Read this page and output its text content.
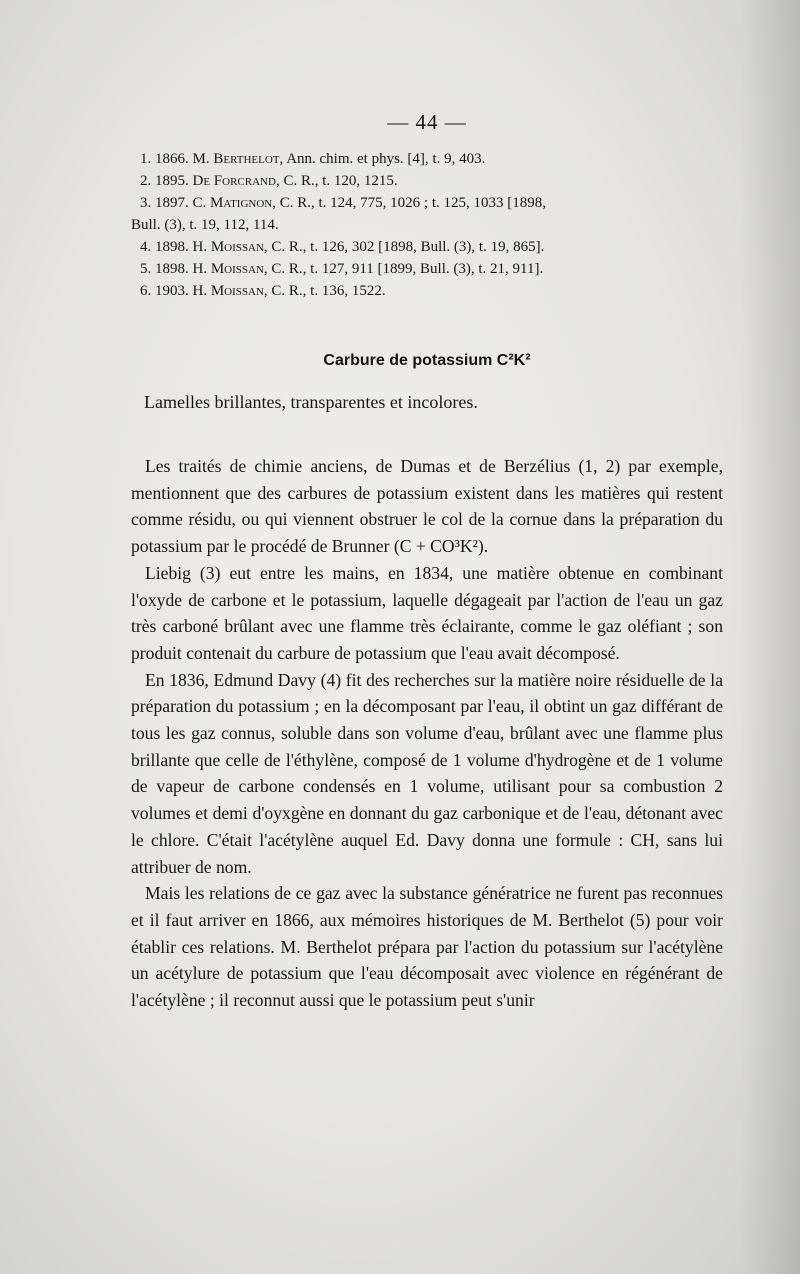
— 44 —
1. 1866. M. Berthelot, Ann. chim. et phys. [4], t. 9, 403.
2. 1895. De Forcrand, C. R., t. 120, 1215.
3. 1897. C. Matignon, C. R., t. 124, 775, 1026 ; t. 125, 1033 [1898,
Bull. (3), t. 19, 112, 114.
4. 1898. H. Moissan, C. R., t. 126, 302 [1898, Bull. (3), t. 19, 865].
5. 1898. H. Moissan, C. R., t. 127, 911 [1899, Bull. (3), t. 21, 911].
6. 1903. H. Moissan, C. R., t. 136, 1522.
Carbure de potassium C²K²
Lamelles brillantes, transparentes et incolores.

Les traités de chimie anciens, de Dumas et de Berzélius (1, 2) par exemple, mentionnent que des carbures de potassium existent dans les matières qui restent comme résidu, ou qui viennent obstruer le col de la cornue dans la préparation du potassium par le procédé de Brunner (C + CO³K²).

Liebig (3) eut entre les mains, en 1834, une matière obtenue en combinant l'oxyde de carbone et le potassium, laquelle dégageait par l'action de l'eau un gaz très carboné brûlant avec une flamme très éclairante, comme le gaz oléfiant ; son produit contenait du carbure de potassium que l'eau avait décomposé.

En 1836, Edmund Davy (4) fit des recherches sur la matière noire résiduelle de la préparation du potassium ; en la décomposant par l'eau, il obtint un gaz différant de tous les gaz connus, soluble dans son volume d'eau, brûlant avec une flamme plus brillante que celle de l'éthylène, composé de 1 volume d'hydrogène et de 1 volume de vapeur de carbone condensés en 1 volume, utilisant pour sa combustion 2 volumes et demi d'oyxgène en donnant du gaz carbonique et de l'eau, détonant avec le chlore. C'était l'acétylène auquel Ed. Davy donna une formule : CH, sans lui attribuer de nom.

Mais les relations de ce gaz avec la substance génératrice ne furent pas reconnues et il faut arriver en 1866, aux mémoires historiques de M. Berthelot (5) pour voir établir ces relations. M. Berthelot prépara par l'action du potassium sur l'acétylène un acétylure de potassium que l'eau décomposait avec violence en régénérant de l'acétylène ; il reconnut aussi que le potassium peut s'unir
